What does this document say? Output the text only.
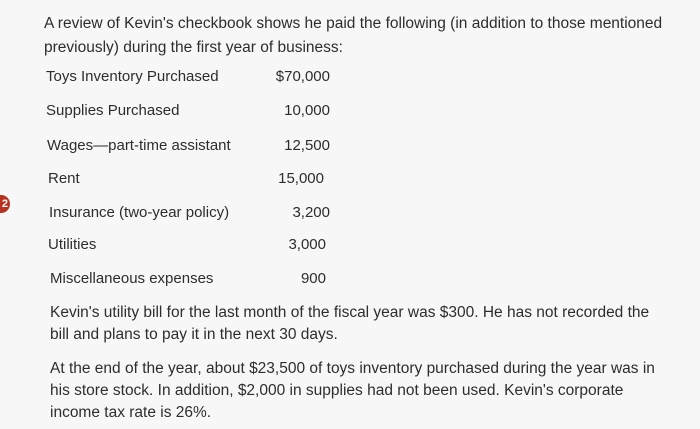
2
A review of Kevin's checkbook shows he paid the following (in addition to those mentioned previously) during the first year of business:
Toys Inventory Purchased	$70,000
Supplies Purchased	10,000
Wages—part-time assistant	12,500
Rent	15,000
Insurance (two-year policy)	3,200
Utilities	3,000
Miscellaneous expenses	900
Kevin's utility bill for the last month of the fiscal year was $300. He has not recorded the bill and plans to pay it in the next 30 days.
At the end of the year, about $23,500 of toys inventory purchased during the year was in his store stock. In addition, $2,000 in supplies had not been used. Kevin's corporate income tax rate is 26%.
